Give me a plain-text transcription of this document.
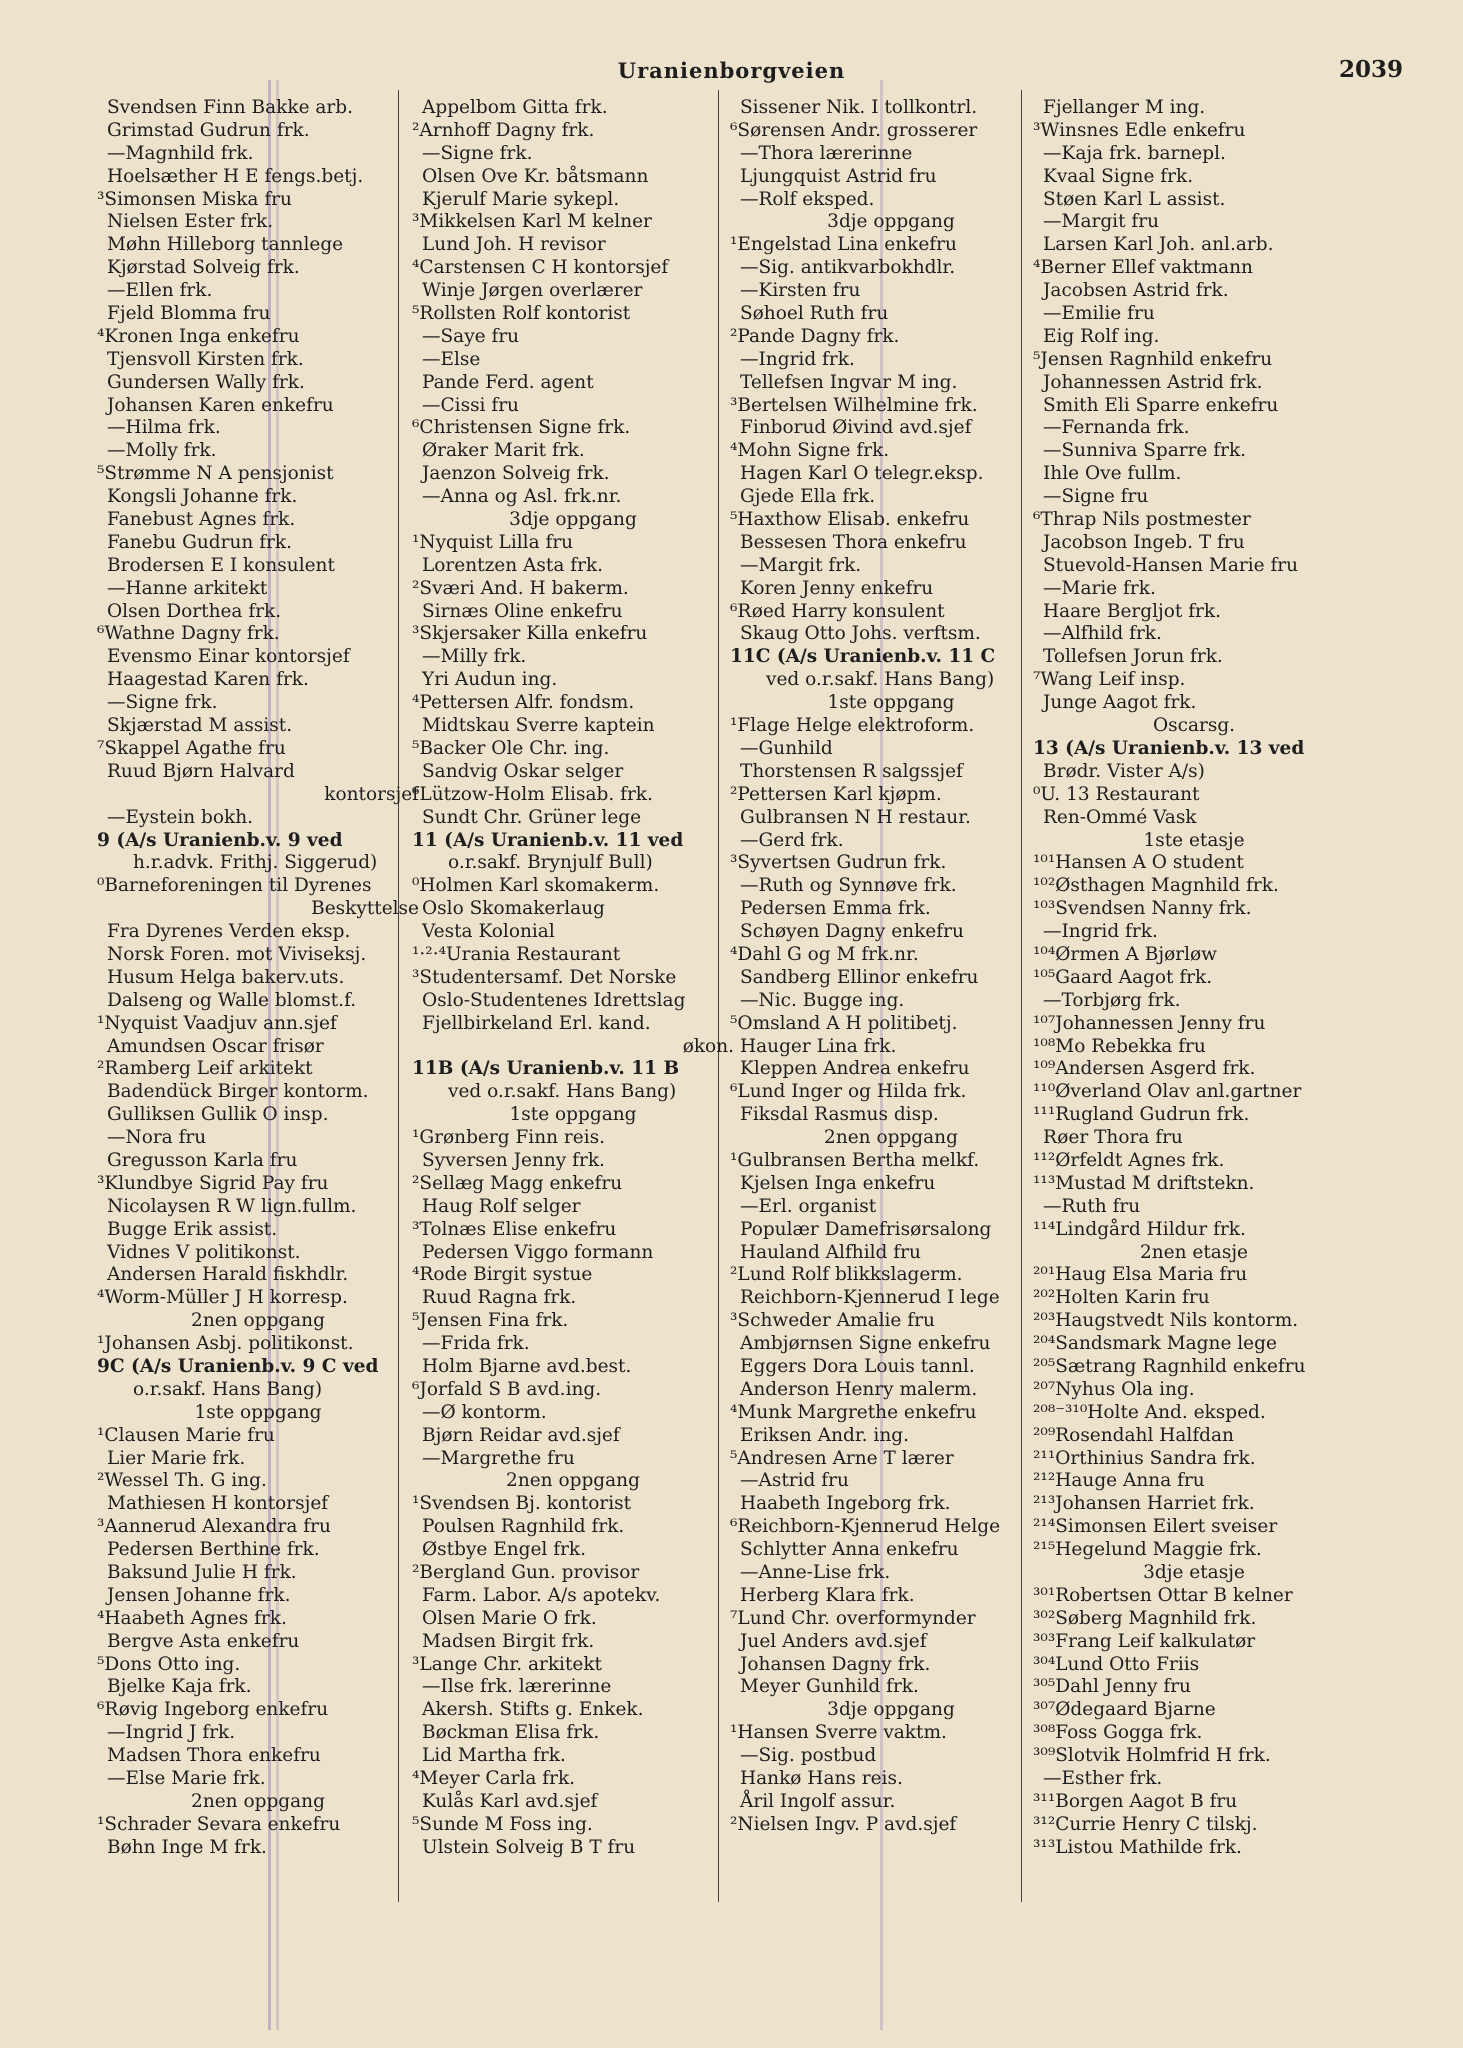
Uranienborgveien	2039
Svendsen Finn Bakke arb.
Grimstad Gudrun frk.
—Magnhild frk.
Hoelsæther H E fengs.betj.
³Simonsen Miska fru
Nielsen Ester frk.
Møhn Hilleborg tannlege
Kjørstad Solveig frk.
—Ellen frk.
Fjeld Blomma fru
⁴Kronen Inga enkefru
Tjensvoll Kirsten frk.
Gundersen Wally frk.
Johansen Karen enkefru
—Hilma frk.
—Molly frk.
⁵Strømme N A pensjonist
Kongsli Johanne frk.
Fanebust Agnes frk.
Fanebu Gudrun frk.
Brodersen E I konsulent
—Hanne arkitekt
Olsen Dorthea frk.
⁶Wathne Dagny frk.
Evensmo Einar kontorsjef
Haagestad Karen frk.
—Signe frk.
Skjærstad M assist.
⁷Skappel Agathe fru
Ruud Bjørn Halvard
kontorsjef
—Eystein bokh.
9 (A/s Uranienb.v. 9 ved
h.r.advk. Frithj. Siggerud)
⁰Barneforeningen til Dyrenes
Beskyttelse
Fra Dyrenes Verden eksp.
Norsk Foren. mot Viviseksj.
Husum Helga bakerv.uts.
Dalseng og Walle blomst.f.
¹Nyquist Vaadjuv ann.sjef
Amundsen Oscar frisør
²Ramberg Leif arkitekt
Badendück Birger kontorm.
Gulliksen Gullik O insp.
—Nora fru
Gregusson Karla fru
³Klundbye Sigrid Pay fru
Nicolaysen R W lign.fullm.
Bugge Erik assist.
Vidnes V politikonst.
Andersen Harald fiskhdlr.
⁴Worm-Müller J H korresp.
2nen oppgang
¹Johansen Asbj. politikonst.
9C (A/s Uranienb.v. 9 C ved
o.r.sakf. Hans Bang)
1ste oppgang
¹Clausen Marie fru
Lier Marie frk.
²Wessel Th. G ing.
Mathiesen H kontorsjef
³Aannerud Alexandra fru
Pedersen Berthine frk.
Baksund Julie H frk.
Jensen Johanne frk.
⁴Haabeth Agnes frk.
Bergve Asta enkefru
⁵Dons Otto ing.
Bjelke Kaja frk.
⁶Røvig Ingeborg enkefru
—Ingrid J frk.
Madsen Thora enkefru
—Else Marie frk.
2nen oppgang
¹Schrader Sevara enkefru
Bøhn Inge M frk.
Appelbom Gitta frk.
²Arnhoff Dagny frk.
—Signe frk.
Olsen Ove Kr. båtsmann
Kjerulf Marie sykepl.
³Mikkelsen Karl M kelner
Lund Joh. H revisor
⁴Carstensen C H kontorsjef
Winje Jørgen overlærer
⁵Rollsten Rolf kontorist
—Saye fru
—Else
Pande Ferd. agent
—Cissi fru
⁶Christensen Signe frk.
Øraker Marit frk.
Jaenzon Solveig frk.
—Anna og Asl. frk.nr.
3dje oppgang
¹Nyquist Lilla fru
Lorentzen Asta frk.
²Sværi And. H bakerm.
Sirnæs Oline enkefru
³Skjersaker Killa enkefru
—Milly frk.
Yri Audun ing.
⁴Pettersen Alfr. fondsm.
Midtskau Sverre kaptein
⁵Backer Ole Chr. ing.
Sandvig Oskar selger
⁶Lützow-Holm Elisab. frk.
Sundt Chr. Grüner lege
11 (A/s Uranienb.v. 11 ved
o.r.sakf. Brynjulf Bull)
⁰Holmen Karl skomakerm.
Oslo Skomakerlaug
Vesta Kolonial
¹·²·⁴Urania Restaurant
³Studentersamf. Det Norske
Oslo-Studentenes Idrettslag
Fjellbirkeland Erl. kand.
økon.
11B (A/s Uranienb.v. 11 B
ved o.r.sakf. Hans Bang)
1ste oppgang
¹Grønberg Finn reis.
Syversen Jenny frk.
²Sellæg Magg enkefru
Haug Rolf selger
³Tolnæs Elise enkefru
Pedersen Viggo formann
⁴Rode Birgit systue
Ruud Ragna frk.
⁵Jensen Fina frk.
—Frida frk.
Holm Bjarne avd.best.
⁶Jorfald S B avd.ing.
—Ø kontorm.
Bjørn Reidar avd.sjef
—Margrethe fru
2nen oppgang
¹Svendsen Bj. kontorist
Poulsen Ragnhild frk.
Østbye Engel frk.
²Bergland Gun. provisor
Farm. Labor. A/s apotekv.
Olsen Marie O frk.
Madsen Birgit frk.
³Lange Chr. arkitekt
—Ilse frk. lærerinne
Akersh. Stifts g. Enkek.
Bøckman Elisa frk.
Lid Martha frk.
⁴Meyer Carla frk.
Kulås Karl avd.sjef
⁵Sunde M Foss ing.
Ulstein Solveig B T fru
Sissener Nik. I tollkontrl.
⁶Sørensen Andr. grosserer
—Thora lærerinne
Ljungquist Astrid fru
—Rolf eksped.
3dje oppgang
¹Engelstad Lina enkefru
—Sig. antikvarbokhdlr.
—Kirsten fru
Søhoel Ruth fru
²Pande Dagny frk.
—Ingrid frk.
Tellefsen Ingvar M ing.
³Bertelsen Wilhelmine frk.
Finborud Øivind avd.sjef
⁴Mohn Signe frk.
Hagen Karl O telegr.eksp.
Gjede Ella frk.
⁵Haxthow Elisab. enkefru
Bessesen Thora enkefru
—Margit frk.
Koren Jenny enkefru
⁶Røed Harry konsulent
Skaug Otto Johs. verftsm.
11C (A/s Uranienb.v. 11 C
ved o.r.sakf. Hans Bang)
1ste oppgang
¹Flage Helge elektroform.
—Gunhild
Thorstensen R salgssjef
²Pettersen Karl kjøpm.
Gulbransen N H restaur.
—Gerd frk.
³Syvertsen Gudrun frk.
—Ruth og Synnøve frk.
Pedersen Emma frk.
Schøyen Dagny enkefru
⁴Dahl G og M frk.nr.
Sandberg Ellinor enkefru
—Nic. Bugge ing.
⁵Omsland A H politibetj.
Hauger Lina frk.
Kleppen Andrea enkefru
⁶Lund Inger og Hilda frk.
Fiksdal Rasmus disp.
2nen oppgang
¹Gulbransen Bertha melkf.
Kjelsen Inga enkefru
—Erl. organist
Populær Damefrisørsalong
Hauland Alfhild fru
²Lund Rolf blikkslagerm.
Reichborn-Kjennerud I lege
³Schweder Amalie fru
Ambjørnsen Signe enkefru
Eggers Dora Louis tannl.
Anderson Henry malerm.
⁴Munk Margrethe enkefru
Eriksen Andr. ing.
⁵Andresen Arne T lærer
—Astrid fru
Haabeth Ingeborg frk.
⁶Reichborn-Kjennerud Helge
Schlytter Anna enkefru
—Anne-Lise frk.
Herberg Klara frk.
⁷Lund Chr. overformynder
Juel Anders avd.sjef
Johansen Dagny frk.
Meyer Gunhild frk.
3dje oppgang
¹Hansen Sverre vaktm.
—Sig. postbud
Hankø Hans reis.
Åril Ingolf assur.
²Nielsen Ingv. P avd.sjef
Fjellanger M ing.
³Winsnes Edle enkefru
—Kaja frk. barnepl.
Kvaal Signe frk.
Støen Karl L assist.
—Margit fru
Larsen Karl Joh. anl.arb.
⁴Berner Ellef vaktmann
Jacobsen Astrid frk.
—Emilie fru
Eig Rolf ing.
⁵Jensen Ragnhild enkefru
Johannessen Astrid frk.
Smith Eli Sparre enkefru
—Fernanda frk.
—Sunniva Sparre frk.
Ihle Ove fullm.
—Signe fru
⁶Thrap Nils postmester
Jacobson Ingeb. T fru
Stuevold-Hansen Marie fru
—Marie frk.
Haare Bergljot frk.
—Alfhild frk.
Tollefsen Jorun frk.
⁷Wang Leif insp.
Junge Aagot frk.
Oscarsg.
13 (A/s Uranienb.v. 13 ved
Brødr. Vister A/s)
⁰U. 13 Restaurant
Ren-Ommé Vask
1ste etasje
¹⁰¹Hansen A O student
¹⁰²Østhagen Magnhild frk.
¹⁰³Svendsen Nanny frk.
—Ingrid frk.
¹⁰⁴Ørmen A Bjørløw
¹⁰⁵Gaard Aagot frk.
—Torbjørg frk.
¹⁰⁷Johannessen Jenny fru
¹⁰⁸Mo Rebekka fru
¹⁰⁹Andersen Asgerd frk.
¹¹⁰Øverland Olav anl.gartner
¹¹¹Rugland Gudrun frk.
Røer Thora fru
¹¹²Ørfeldt Agnes frk.
¹¹³Mustad M driftstekn.
—Ruth fru
¹¹⁴Lindgård Hildur frk.
2nen etasje
²⁰¹Haug Elsa Maria fru
²⁰²Holten Karin fru
²⁰³Haugstvedt Nils kontorm.
²⁰⁴Sandsmark Magne lege
²⁰⁵Sætrang Ragnhild enkefru
²⁰⁷Nyhus Ola ing.
²⁰⁸⁻³¹⁰Holte And. eksped.
²⁰⁹Rosendahl Halfdan
²¹¹Orthinius Sandra frk.
²¹²Hauge Anna fru
²¹³Johansen Harriet frk.
²¹⁴Simonsen Eilert sveiser
²¹⁵Hegelund Maggie frk.
3dje etasje
³⁰¹Robertsen Ottar B kelner
³⁰²Søberg Magnhild frk.
³⁰³Frang Leif kalkulatør
³⁰⁴Lund Otto Friis
³⁰⁵Dahl Jenny fru
³⁰⁷Ødegaard Bjarne
³⁰⁸Foss Gogga frk.
³⁰⁹Slotvik Holmfrid H frk.
—Esther frk.
³¹¹Borgen Aagot B fru
³¹²Currie Henry C tilskj.
³¹³Listou Mathilde frk.
